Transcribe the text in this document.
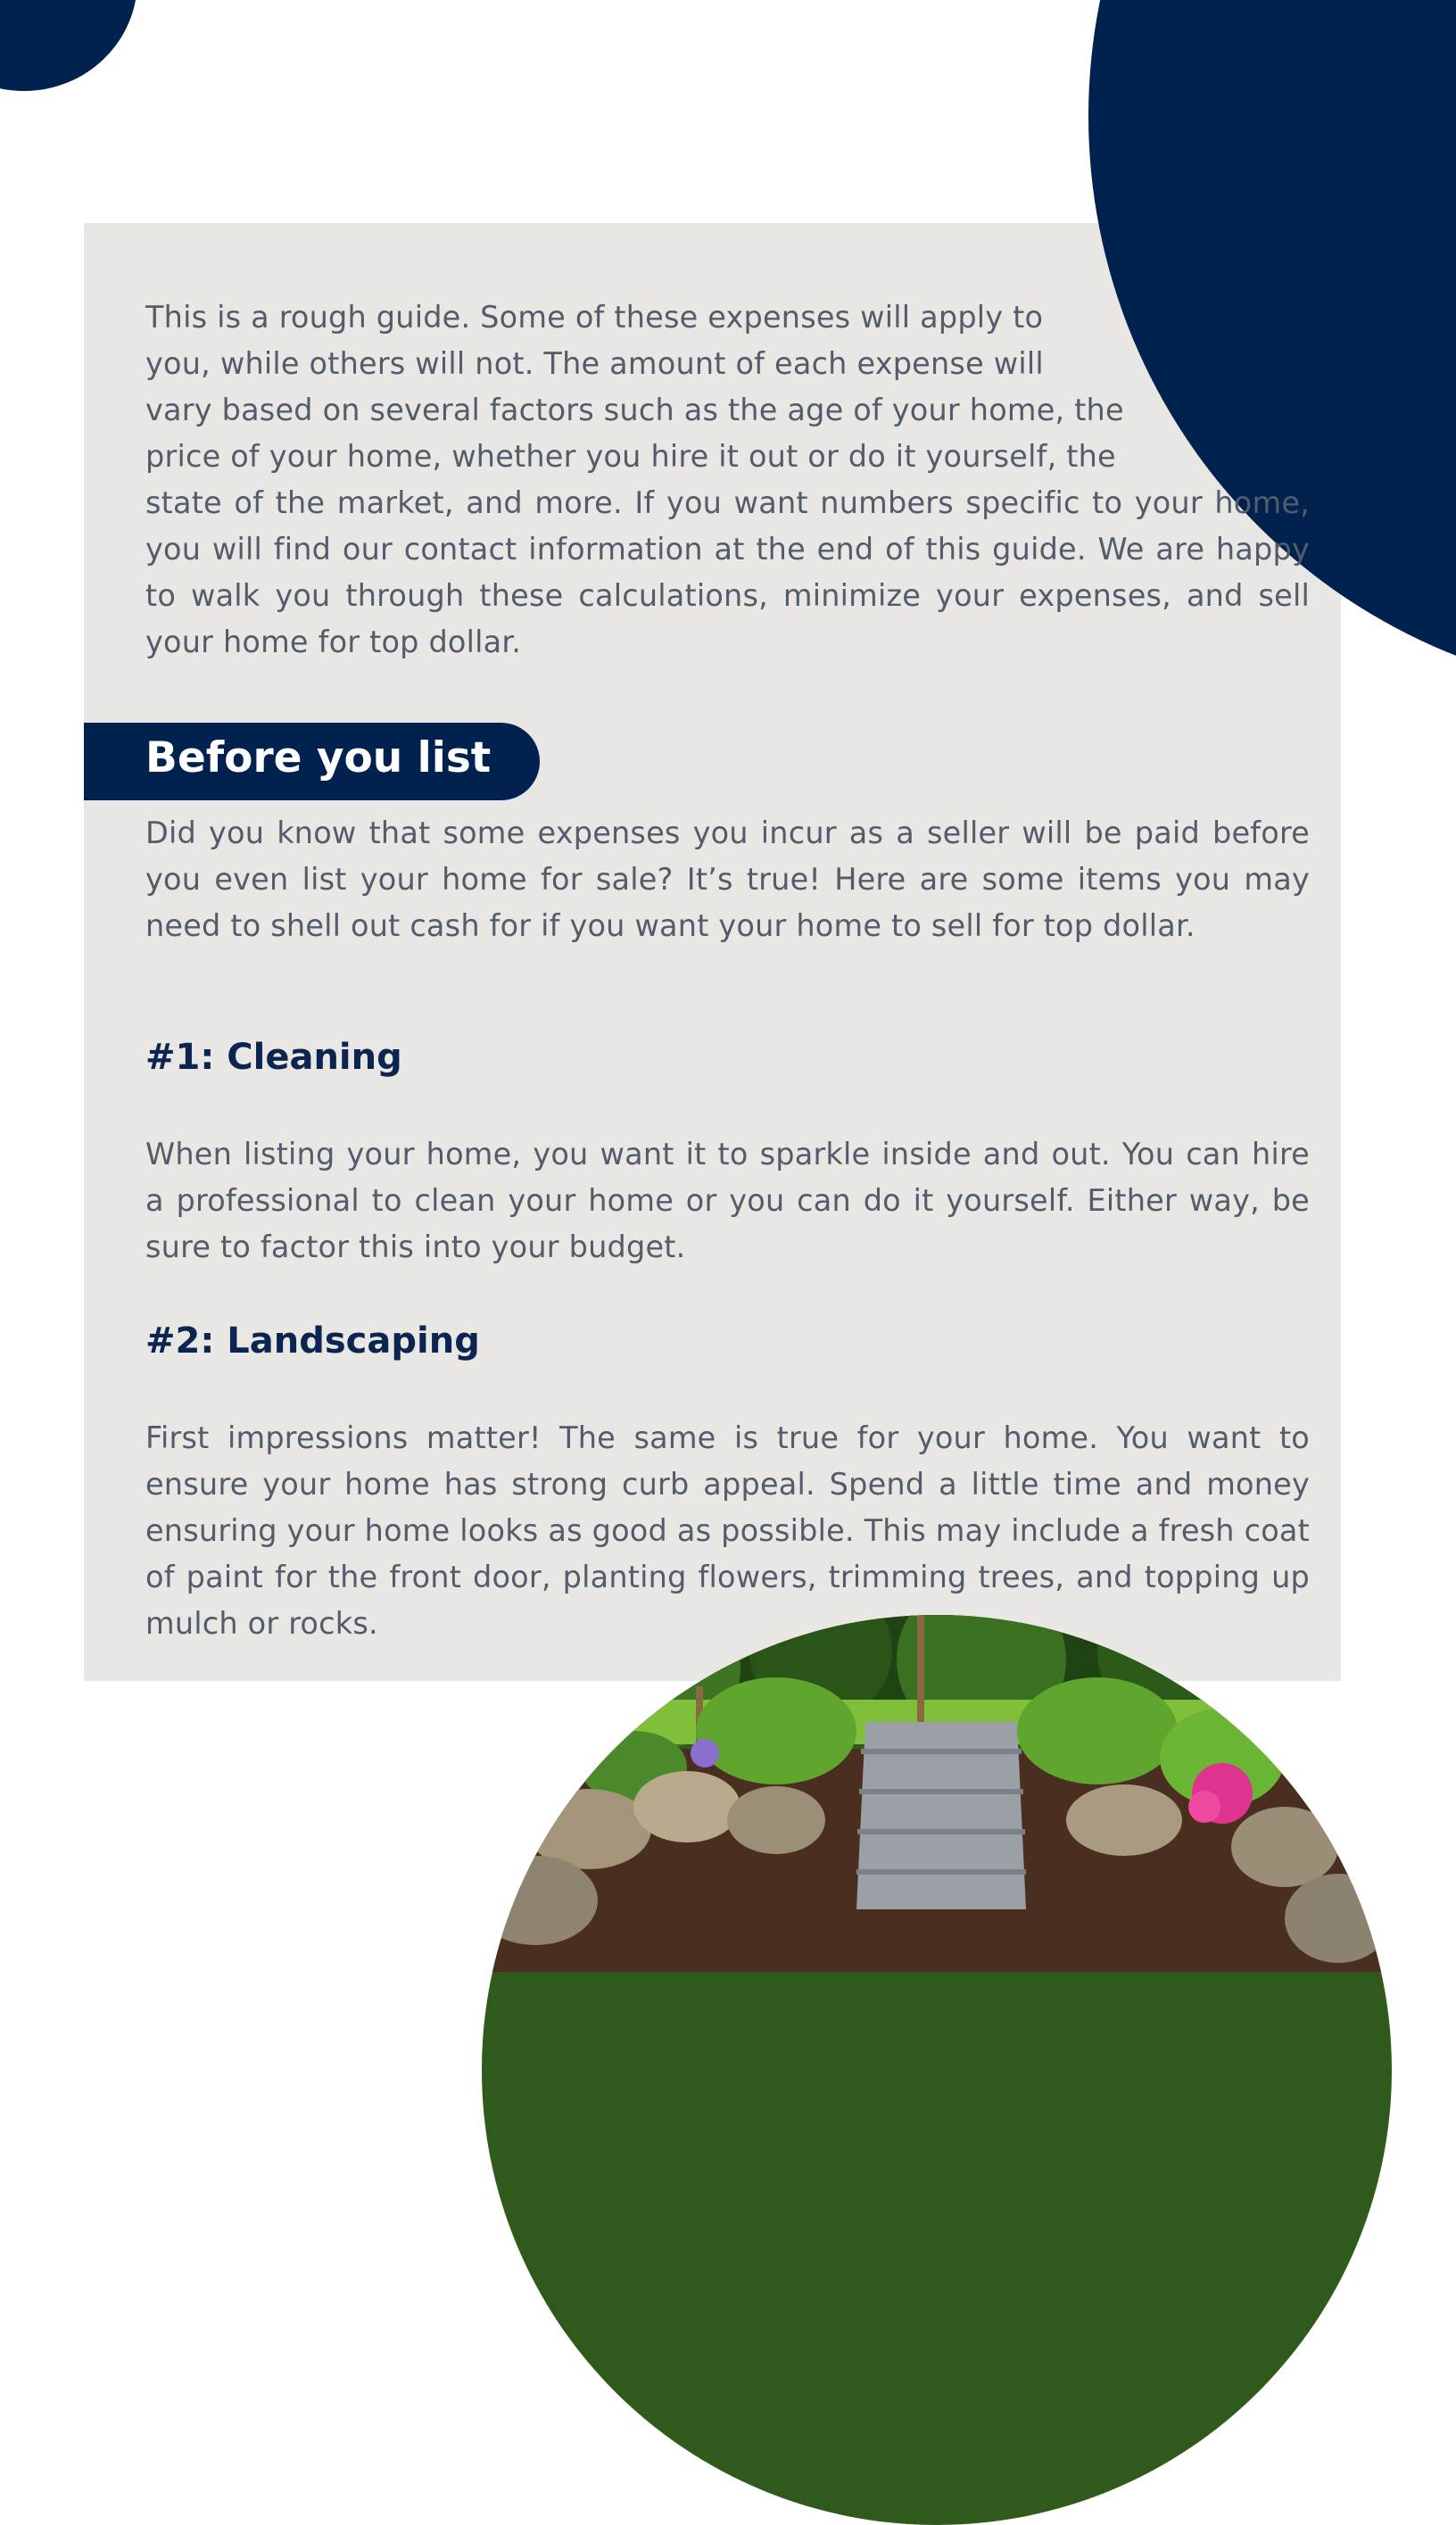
This is a rough guide. Some of these expenses will apply to
you, while others will not. The amount of each expense will
vary based on several factors such as the age of your home, the
price of your home, whether you hire it out or do it yourself, the

state of the market, and more. If you want numbers specific to your home, you will find our contact information at the end of this guide. We are happy to walk you through these calculations, minimize your expenses, and sell your home for top dollar.

Before you list

Did you know that some expenses you incur as a seller will be paid before you even list your home for sale? It’s true! Here are some items you may need to shell out cash for if you want your home to sell for top dollar.

#1: Cleaning

When listing your home, you want it to sparkle inside and out. You can hire a professional to clean your home or you can do it yourself. Either way, be sure to factor this into your budget.

#2: Landscaping

First impressions matter! The same is true for your home. You want to ensure your home has strong curb appeal. Spend a little time and money ensuring your home looks as good as possible. This may include a fresh coat of paint for the front door, planting flowers, trimming trees, and topping up mulch or rocks.
